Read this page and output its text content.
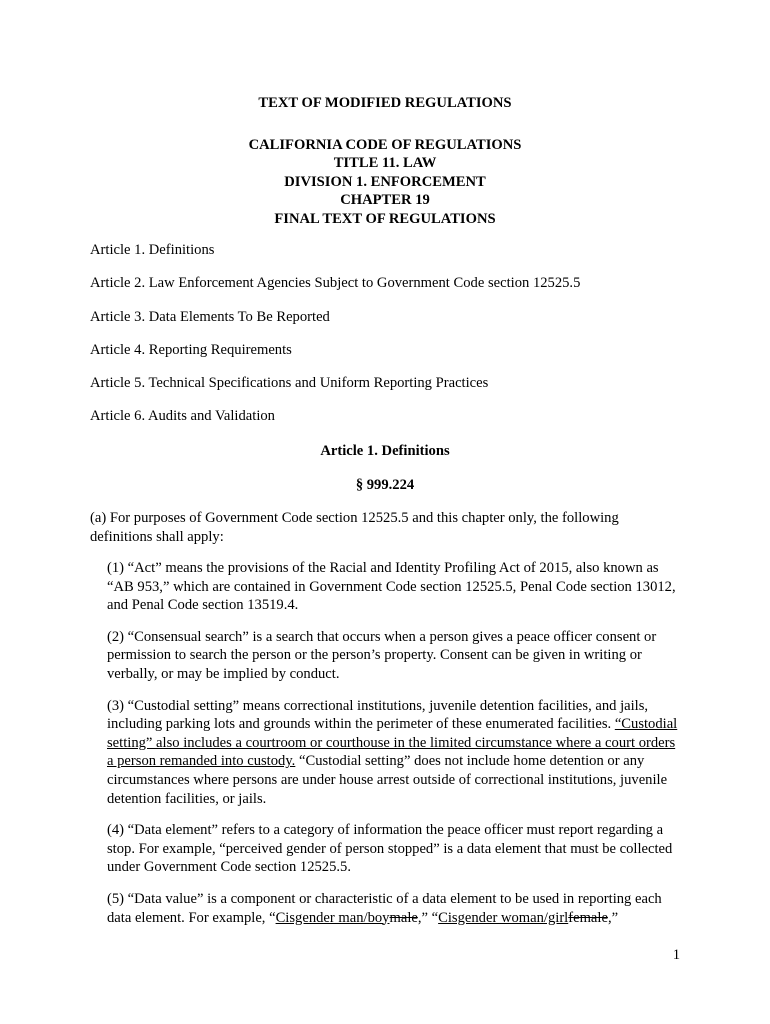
TEXT OF MODIFIED REGULATIONS

CALIFORNIA CODE OF REGULATIONS

TITLE 11. LAW

DIVISION 1. ENFORCEMENT

CHAPTER 19

FINAL TEXT OF REGULATIONS

Article 1. Definitions

Article 2. Law Enforcement Agencies Subject to Government Code section 12525.5

Article 3. Data Elements To Be Reported

Article 4. Reporting Requirements

Article 5. Technical Specifications and Uniform Reporting Practices

Article 6. Audits and Validation

Article 1. Definitions

§ 999.224

(a) For purposes of Government Code section 12525.5 and this chapter only, the following definitions shall apply:

(1) “Act” means the provisions of the Racial and Identity Profiling Act of 2015, also known as “AB 953,” which are contained in Government Code section 12525.5, Penal Code section 13012, and Penal Code section 13519.4.

(2) “Consensual search” is a search that occurs when a person gives a peace officer consent or permission to search the person or the person’s property. Consent can be given in writing or verbally, or may be implied by conduct.

(3) “Custodial setting” means correctional institutions, juvenile detention facilities, and jails, including parking lots and grounds within the perimeter of these enumerated facilities. “Custodial setting” also includes a courtroom or courthouse in the limited circumstance where a court orders a person remanded into custody. “Custodial setting” does not include home detention or any circumstances where persons are under house arrest outside of correctional institutions, juvenile detention facilities, or jails.

(4) “Data element” refers to a category of information the peace officer must report regarding a stop. For example, “perceived gender of person stopped” is a data element that must be collected under Government Code section 12525.5.

(5) “Data value” is a component or characteristic of a data element to be used in reporting each data element. For example, “Cisgender man/boymale,” “Cisgender woman/girlfemale,”

1
